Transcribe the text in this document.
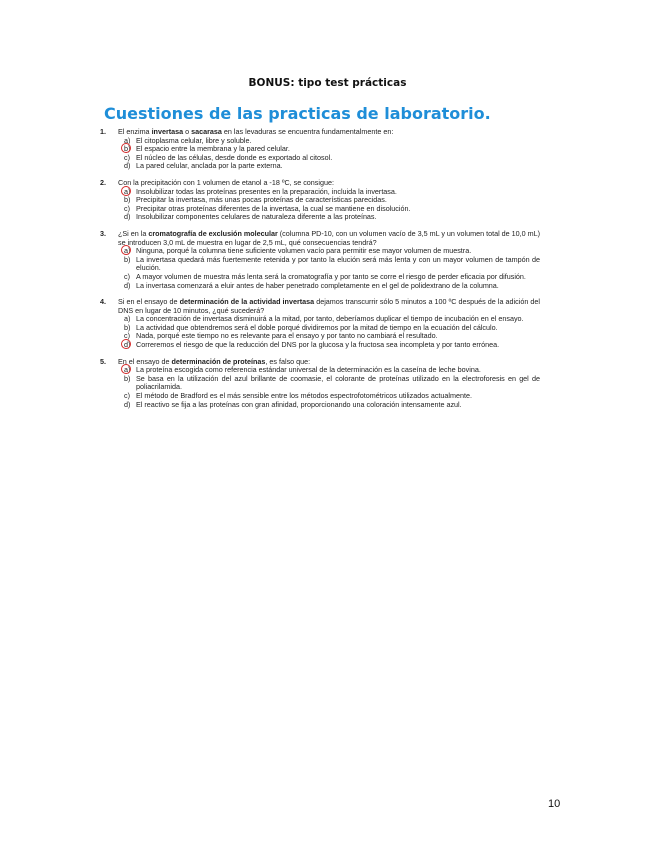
BONUS: tipo test prácticas
Cuestiones de las practicas de laboratorio.
1.	El enzima invertasa o sacarasa en las levaduras se encuentra fundamentalmente en:
a) El citoplasma celular, libre y soluble.
b) El espacio entre la membrana y la pared celular.
c) El núcleo de las células, desde donde es exportado al citosol.
d) La pared celular, anclada por la parte externa.
2.	Con la precipitación con 1 volumen de etanol a -18 ºC, se consigue:
a) Insolubilizar todas las proteínas presentes en la preparación, incluida la invertasa.
b) Precipitar la invertasa, más unas pocas proteínas de características parecidas.
c) Precipitar otras proteínas diferentes de la invertasa, la cual se mantiene en disolución.
d) Insolubilizar componentes celulares de naturaleza diferente a las proteínas.
3.	¿Si en la cromatografía de exclusión molecular (columna PD-10, con un volumen vacío de 3,5 mL y un volumen total de 10,0 mL) se introducen 3,0 mL de muestra en lugar de 2,5 mL, qué consecuencias tendrá?
a) Ninguna, porqué la columna tiene suficiente volumen vacío para permitir ese mayor volumen de muestra.
b) La invertasa quedará más fuertemente retenida y por tanto la elución será más lenta y con un mayor volumen de tampón de elución.
c) A mayor volumen de muestra más lenta será la cromatografía y por tanto se corre el riesgo de perder eficacia por difusión.
d) La invertasa comenzará a eluir antes de haber penetrado completamente en el gel de polidextrano de la columna.
4.	Si en el ensayo de determinación de la actividad invertasa dejamos transcurrir sólo 5 minutos a 100 ºC después de la adición del DNS en lugar de 10 minutos, ¿qué sucederá?
a) La concentración de invertasa disminuirá a la mitad, por tanto, deberíamos duplicar el tiempo de incubación en el ensayo.
b) La actividad que obtendremos será el doble porqué dividiremos por la mitad de tiempo en la ecuación del cálculo.
c) Nada, porqué este tiempo no es relevante para el ensayo y por tanto no cambiará el resultado.
d) Correremos el riesgo de que la reducción del DNS por la glucosa y la fructosa sea incompleta y por tanto errónea.
5.	En el ensayo de determinación de proteínas, es falso que:
a) La proteína escogida como referencia estándar universal de la determinación es la caseína de leche bovina.
b) Se basa en la utilización del azul brillante de coomasie, el colorante de proteínas utilizado en la electroforesis en gel de poliacrilamida.
c) El método de Bradford es el más sensible entre los métodos espectrofotométricos utilizados actualmente.
d) El reactivo se fija a las proteínas con gran afinidad, proporcionando una coloración intensamente azul.
10
